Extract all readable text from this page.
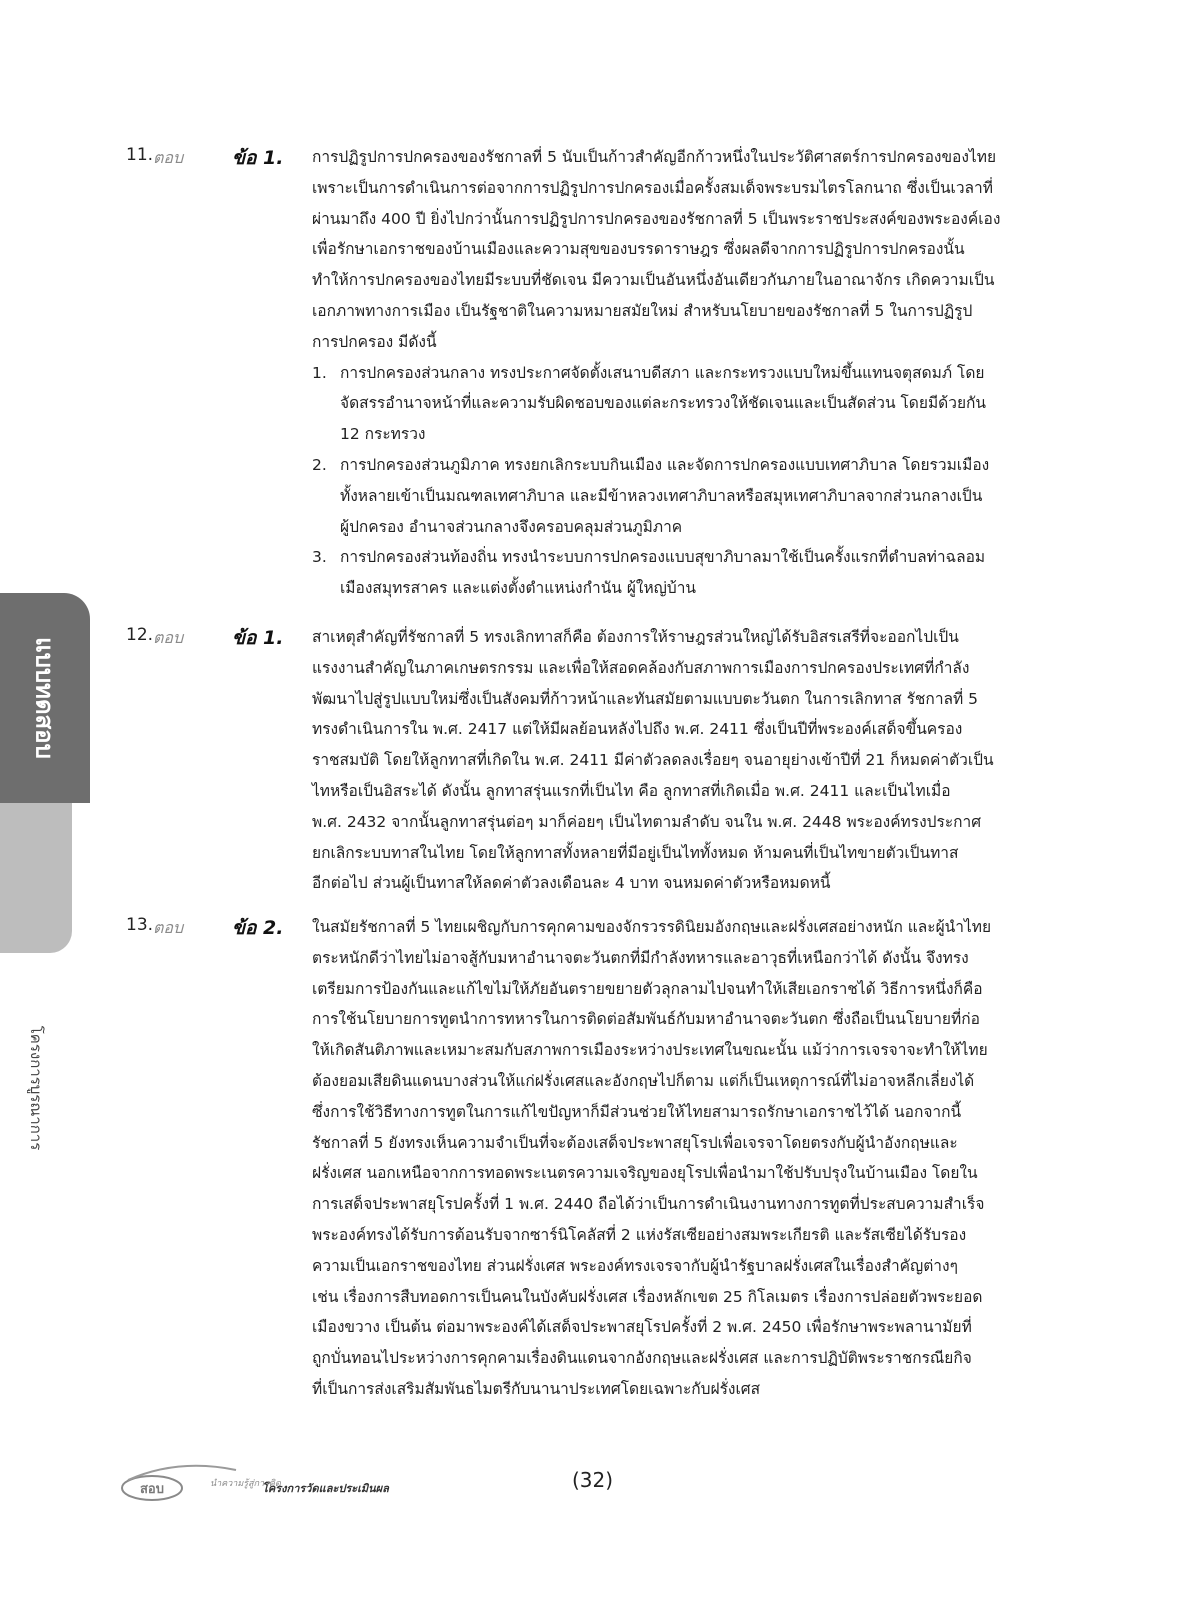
แบบทดสอบ
โครงการบูรณาการ
11. ตอบ	ข้อ 1.
12. ตอบ	ข้อ 1.
13. ตอบ	ข้อ 2.
สอบ	นำความรู้สู่การคิด
โครงการวัดและประเมินผล	(32)
การปฏิรูปการปกครองของรัชกาลที่ 5 นับเป็นก้าวสำคัญอีกก้าวหนึ่งในประวัติศาสตร์การปกครองของไทย
เพราะเป็นการดำเนินการต่อจากการปฏิรูปการปกครองเมื่อครั้งสมเด็จพระบรมไตรโลกนาถ ซึ่งเป็นเวลาที่
ผ่านมาถึง 400 ปี ยิ่งไปกว่านั้นการปฏิรูปการปกครองของรัชกาลที่ 5 เป็นพระราชประสงค์ของพระองค์เอง
เพื่อรักษาเอกราชของบ้านเมืองและความสุขของบรรดาราษฎร ซึ่งผลดีจากการปฏิรูปการปกครองนั้น
ทำให้การปกครองของไทยมีระบบที่ชัดเจน มีความเป็นอันหนึ่งอันเดียวกันภายในอาณาจักร เกิดความเป็น
เอกภาพทางการเมือง เป็นรัฐชาติในความหมายสมัยใหม่ สำหรับนโยบายของรัชกาลที่ 5 ในการปฏิรูป
การปกครอง มีดังนี้
1. การปกครองส่วนกลาง ทรงประกาศจัดตั้งเสนาบดีสภา และกระทรวงแบบใหม่ขึ้นแทนจตุสดมภ์ โดย
จัดสรรอำนาจหน้าที่และความรับผิดชอบของแต่ละกระทรวงให้ชัดเจนและเป็นสัดส่วน โดยมีด้วยกัน
12 กระทรวง
2. การปกครองส่วนภูมิภาค ทรงยกเลิกระบบกินเมือง และจัดการปกครองแบบเทศาภิบาล โดยรวมเมือง
ทั้งหลายเข้าเป็นมณฑลเทศาภิบาล และมีข้าหลวงเทศาภิบาลหรือสมุหเทศาภิบาลจากส่วนกลางเป็น
ผู้ปกครอง อำนาจส่วนกลางจึงครอบคลุมส่วนภูมิภาค
3. การปกครองส่วนท้องถิ่น ทรงนำระบบการปกครองแบบสุขาภิบาลมาใช้เป็นครั้งแรกที่ตำบลท่าฉลอม
เมืองสมุทรสาคร และแต่งตั้งตำแหน่งกำนัน ผู้ใหญ่บ้าน
สาเหตุสำคัญที่รัชกาลที่ 5 ทรงเลิกทาสก็คือ ต้องการให้ราษฎรส่วนใหญ่ได้รับอิสรเสรีที่จะออกไปเป็น
แรงงานสำคัญในภาคเกษตรกรรม และเพื่อให้สอดคล้องกับสภาพการเมืองการปกครองประเทศที่กำลัง
พัฒนาไปสู่รูปแบบใหม่ซึ่งเป็นสังคมที่ก้าวหน้าและทันสมัยตามแบบตะวันตก ในการเลิกทาส รัชกาลที่ 5
ทรงดำเนินการใน พ.ศ. 2417 แต่ให้มีผลย้อนหลังไปถึง พ.ศ. 2411 ซึ่งเป็นปีที่พระองค์เสด็จขึ้นครอง
ราชสมบัติ โดยให้ลูกทาสที่เกิดใน พ.ศ. 2411 มีค่าตัวลดลงเรื่อยๆ จนอายุย่างเข้าปีที่ 21 ก็หมดค่าตัวเป็น
ไทหรือเป็นอิสระได้ ดังนั้น ลูกทาสรุ่นแรกที่เป็นไท คือ ลูกทาสที่เกิดเมื่อ พ.ศ. 2411 และเป็นไทเมื่อ
พ.ศ. 2432 จากนั้นลูกทาสรุ่นต่อๆ มาก็ค่อยๆ เป็นไทตามลำดับ จนใน พ.ศ. 2448 พระองค์ทรงประกาศ
ยกเลิกระบบทาสในไทย โดยให้ลูกทาสทั้งหลายที่มีอยู่เป็นไททั้งหมด ห้ามคนที่เป็นไทขายตัวเป็นทาส
อีกต่อไป ส่วนผู้เป็นทาสให้ลดค่าตัวลงเดือนละ 4 บาท จนหมดค่าตัวหรือหมดหนี้
ในสมัยรัชกาลที่ 5 ไทยเผชิญกับการคุกคามของจักรวรรดินิยมอังกฤษและฝรั่งเศสอย่างหนัก และผู้นำไทย
ตระหนักดีว่าไทยไม่อาจสู้กับมหาอำนาจตะวันตกที่มีกำลังทหารและอาวุธที่เหนือกว่าได้ ดังนั้น จึงทรง
เตรียมการป้องกันและแก้ไขไม่ให้ภัยอันตรายขยายตัวลุกลามไปจนทำให้เสียเอกราชได้ วิธีการหนึ่งก็คือ
การใช้นโยบายการทูตนำการทหารในการติดต่อสัมพันธ์กับมหาอำนาจตะวันตก ซึ่งถือเป็นนโยบายที่ก่อ
ให้เกิดสันติภาพและเหมาะสมกับสภาพการเมืองระหว่างประเทศในขณะนั้น แม้ว่าการเจรจาจะทำให้ไทย
ต้องยอมเสียดินแดนบางส่วนให้แก่ฝรั่งเศสและอังกฤษไปก็ตาม แต่ก็เป็นเหตุการณ์ที่ไม่อาจหลีกเลี่ยงได้
ซึ่งการใช้วิธีทางการทูตในการแก้ไขปัญหาก็มีส่วนช่วยให้ไทยสามารถรักษาเอกราชไว้ได้ นอกจากนี้
รัชกาลที่ 5 ยังทรงเห็นความจำเป็นที่จะต้องเสด็จประพาสยุโรปเพื่อเจรจาโดยตรงกับผู้นำอังกฤษและ
ฝรั่งเศส นอกเหนือจากการทอดพระเนตรความเจริญของยุโรปเพื่อนำมาใช้ปรับปรุงในบ้านเมือง โดยใน
การเสด็จประพาสยุโรปครั้งที่ 1 พ.ศ. 2440 ถือได้ว่าเป็นการดำเนินงานทางการทูตที่ประสบความสำเร็จ
พระองค์ทรงได้รับการต้อนรับจากซาร์นิโคลัสที่ 2 แห่งรัสเซียอย่างสมพระเกียรติ และรัสเซียได้รับรอง
ความเป็นเอกราชของไทย ส่วนฝรั่งเศส พระองค์ทรงเจรจากับผู้นำรัฐบาลฝรั่งเศสในเรื่องสำคัญต่างๆ
เช่น เรื่องการสืบทอดการเป็นคนในบังคับฝรั่งเศส เรื่องหลักเขต 25 กิโลเมตร เรื่องการปล่อยตัวพระยอด
เมืองขวาง เป็นต้น ต่อมาพระองค์ได้เสด็จประพาสยุโรปครั้งที่ 2 พ.ศ. 2450 เพื่อรักษาพระพลานามัยที่
ถูกบั่นทอนไประหว่างการคุกคามเรื่องดินแดนจากอังกฤษและฝรั่งเศส และการปฏิบัติพระราชกรณียกิจ
ที่เป็นการส่งเสริมสัมพันธไมตรีกับนานาประเทศโดยเฉพาะกับฝรั่งเศส
